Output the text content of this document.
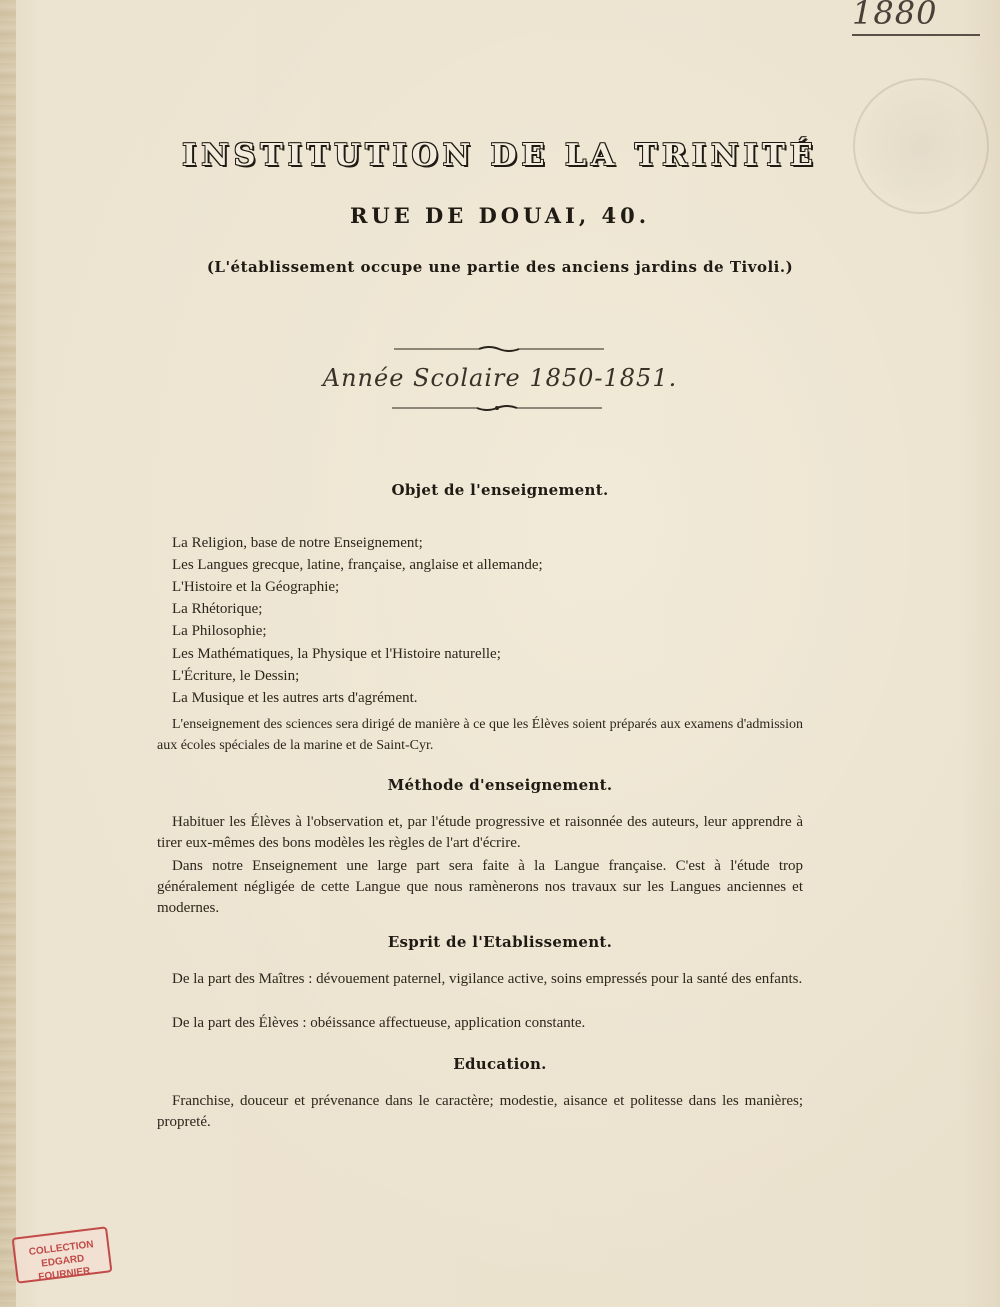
1880
INSTITUTION DE LA TRINITÉ
RUE DE DOUAI, 40.
(L'établissement occupe une partie des anciens jardins de Tivoli.)
Année Scolaire 1850-1851.
Objet de l'enseignement.
La Religion, base de notre Enseignement;
Les Langues grecque, latine, française, anglaise et allemande;
L'Histoire et la Géographie;
La Rhétorique;
La Philosophie;
Les Mathématiques, la Physique et l'Histoire naturelle;
L'Écriture, le Dessin;
La Musique et les autres arts d'agrément.
L'enseignement des sciences sera dirigé de manière à ce que les Élèves soient préparés aux examens d'admission aux écoles spéciales de la marine et de Saint-Cyr.
Méthode d'enseignement.
Habituer les Élèves à l'observation et, par l'étude progressive et raisonnée des auteurs, leur apprendre à tirer eux-mêmes des bons modèles les règles de l'art d'écrire.
Dans notre Enseignement une large part sera faite à la Langue française. C'est à l'étude trop généralement négligée de cette Langue que nous ramènerons nos travaux sur les Langues anciennes et modernes.
Esprit de l'Etablissement.
De la part des Maîtres : dévouement paternel, vigilance active, soins empressés pour la santé des enfants.
De la part des Élèves : obéissance affectueuse, application constante.
Education.
Franchise, douceur et prévenance dans le caractère; modestie, aisance et politesse dans les manières; propreté.
COLLECTION
EDGARD FOURNIER
